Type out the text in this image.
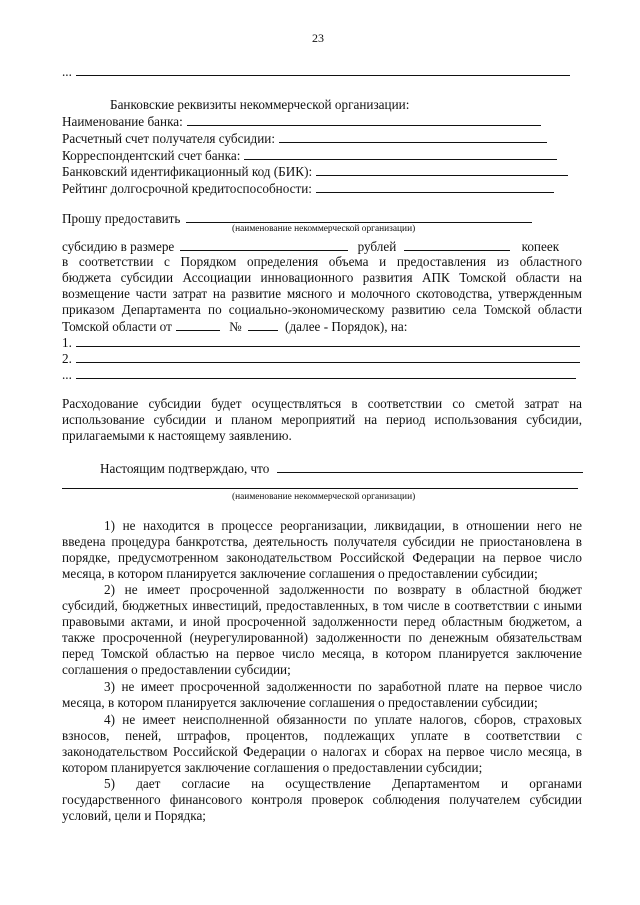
23
...
Банковские реквизиты некоммерческой организации:
Наименование банка:
Расчетный счет получателя субсидии:
Корреспондентский счет банка:
Банковский идентификационный код (БИК):
Рейтинг долгосрочной кредитоспособности:
Прошу предоставить
(наименование некоммерческой организации)
субсидию в размере	рублей	копеек
в соответствии с Порядком определения объема и предоставления из областного
бюджета субсидии Ассоциации инновационного развития АПК Томской области на
возмещение части затрат на развитие мясного и молочного скотоводства, утвержденным
приказом Департамента по социально-экономическому развитию села Томской области
Томской области от	№	(далее - Порядок), на:
1.
2.
...
Расходование субсидии будет осуществляться в соответствии со сметой затрат на
использование субсидии и планом мероприятий на период использования субсидии,
прилагаемыми к настоящему заявлению.
Настоящим подтверждаю, что
(наименование некоммерческой организации)
1) не находится в процессе реорганизации, ликвидации, в отношении него не
введена процедура банкротства, деятельность получателя субсидии не приостановлена в
порядке, предусмотренном законодательством Российской Федерации на первое число
месяца, в котором планируется заключение соглашения о предоставлении субсидии;
2) не имеет просроченной задолженности по возврату в областной бюджет
субсидий, бюджетных инвестиций, предоставленных, в том числе в соответствии с иными
правовыми актами, и иной просроченной задолженности перед областным бюджетом, а
также просроченной (неурегулированной) задолженности по денежным обязательствам
перед Томской областью на первое число месяца, в котором планируется заключение
соглашения о предоставлении субсидии;
3) не имеет просроченной задолженности по заработной плате на первое число
месяца, в котором планируется заключение соглашения о предоставлении субсидии;
4) не имеет неисполненной обязанности по уплате налогов, сборов, страховых
взносов, пеней, штрафов, процентов, подлежащих уплате в соответствии с
законодательством Российской Федерации о налогах и сборах на первое число месяца, в
котором планируется заключение соглашения о предоставлении субсидии;
5) дает согласие на осуществление Департаментом и органами
государственного финансового контроля проверок соблюдения получателем субсидии
условий, цели и Порядка;
